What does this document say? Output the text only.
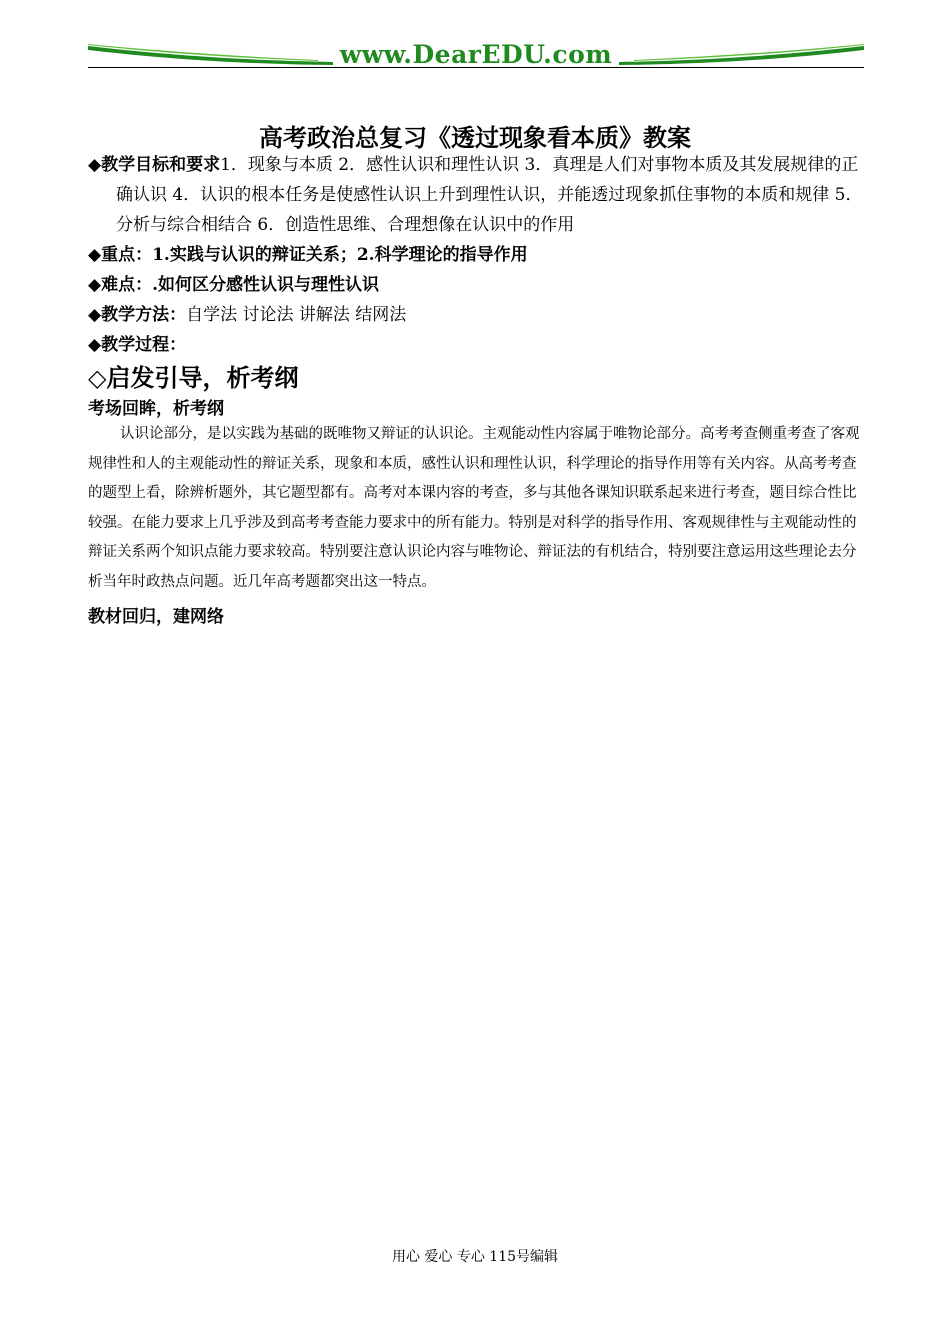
www.DearEDU.com
高考政治总复习《透过现象看本质》教案
◆教学目标和要求1．现象与本质 2．感性认识和理性认识 3．真理是人们对事物本质及其发展规律的正确认识 4．认识的根本任务是使感性认识上升到理性认识，并能透过现象抓住事物的本质和规律 5．分析与综合相结合 6．创造性思维、合理想像在认识中的作用
◆重点：1.实践与认识的辩证关系；2.科学理论的指导作用
◆难点：.如何区分感性认识与理性认识
◆教学方法：自学法 讨论法 讲解法 结网法
◆教学过程：
◇启发引导，析考纲
考场回眸，析考纲
认识论部分，是以实践为基础的既唯物又辩证的认识论。主观能动性内容属于唯物论部分。高考考查侧重考查了客观规律性和人的主观能动性的辩证关系，现象和本质，感性认识和理性认识，科学理论的指导作用等有关内容。从高考考查的题型上看，除辨析题外，其它题型都有。高考对本课内容的考查，多与其他各课知识联系起来进行考查，题目综合性比较强。在能力要求上几乎涉及到高考考查能力要求中的所有能力。特别是对科学的指导作用、客观规律性与主观能动性的辩证关系两个知识点能力要求较高。特别要注意认识论内容与唯物论、辩证法的有机结合，特别要注意运用这些理论去分析当年时政热点问题。近几年高考题都突出这一特点。
教材回归，建网络
用心 爱心 专心 115号编辑
